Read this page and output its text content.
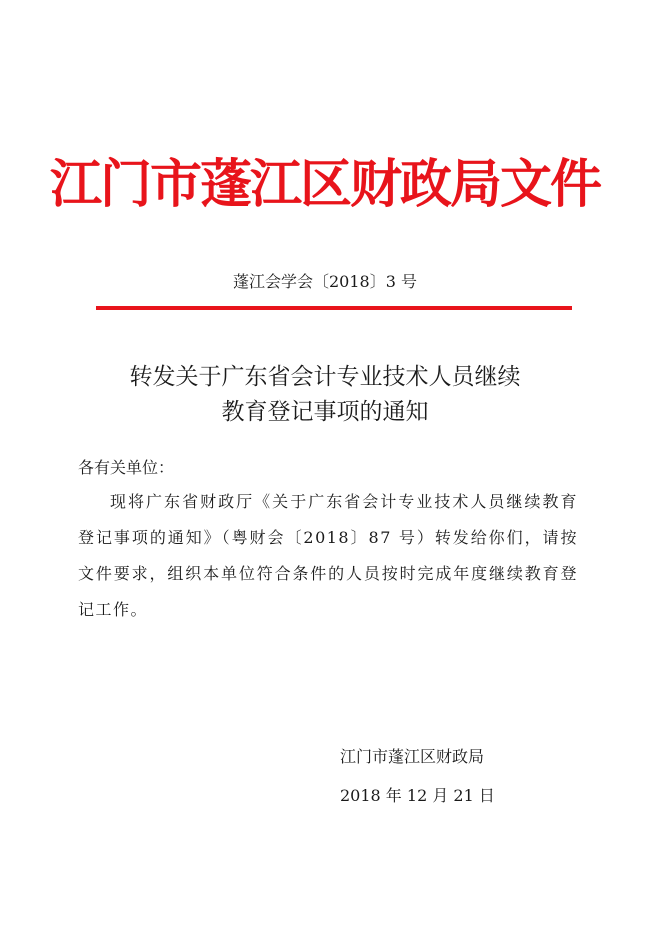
江门市蓬江区财政局文件
蓬江会学会〔2018〕3 号
转发关于广东省会计专业技术人员继续
教育登记事项的通知
各有关单位：
现将广东省财政厅《关于广东省会计专业技术人员继续教育登记事项的通知》（粤财会〔2018〕87 号）转发给你们，请按文件要求，组织本单位符合条件的人员按时完成年度继续教育登记工作。
江门市蓬江区财政局
2018 年 12 月 21 日
